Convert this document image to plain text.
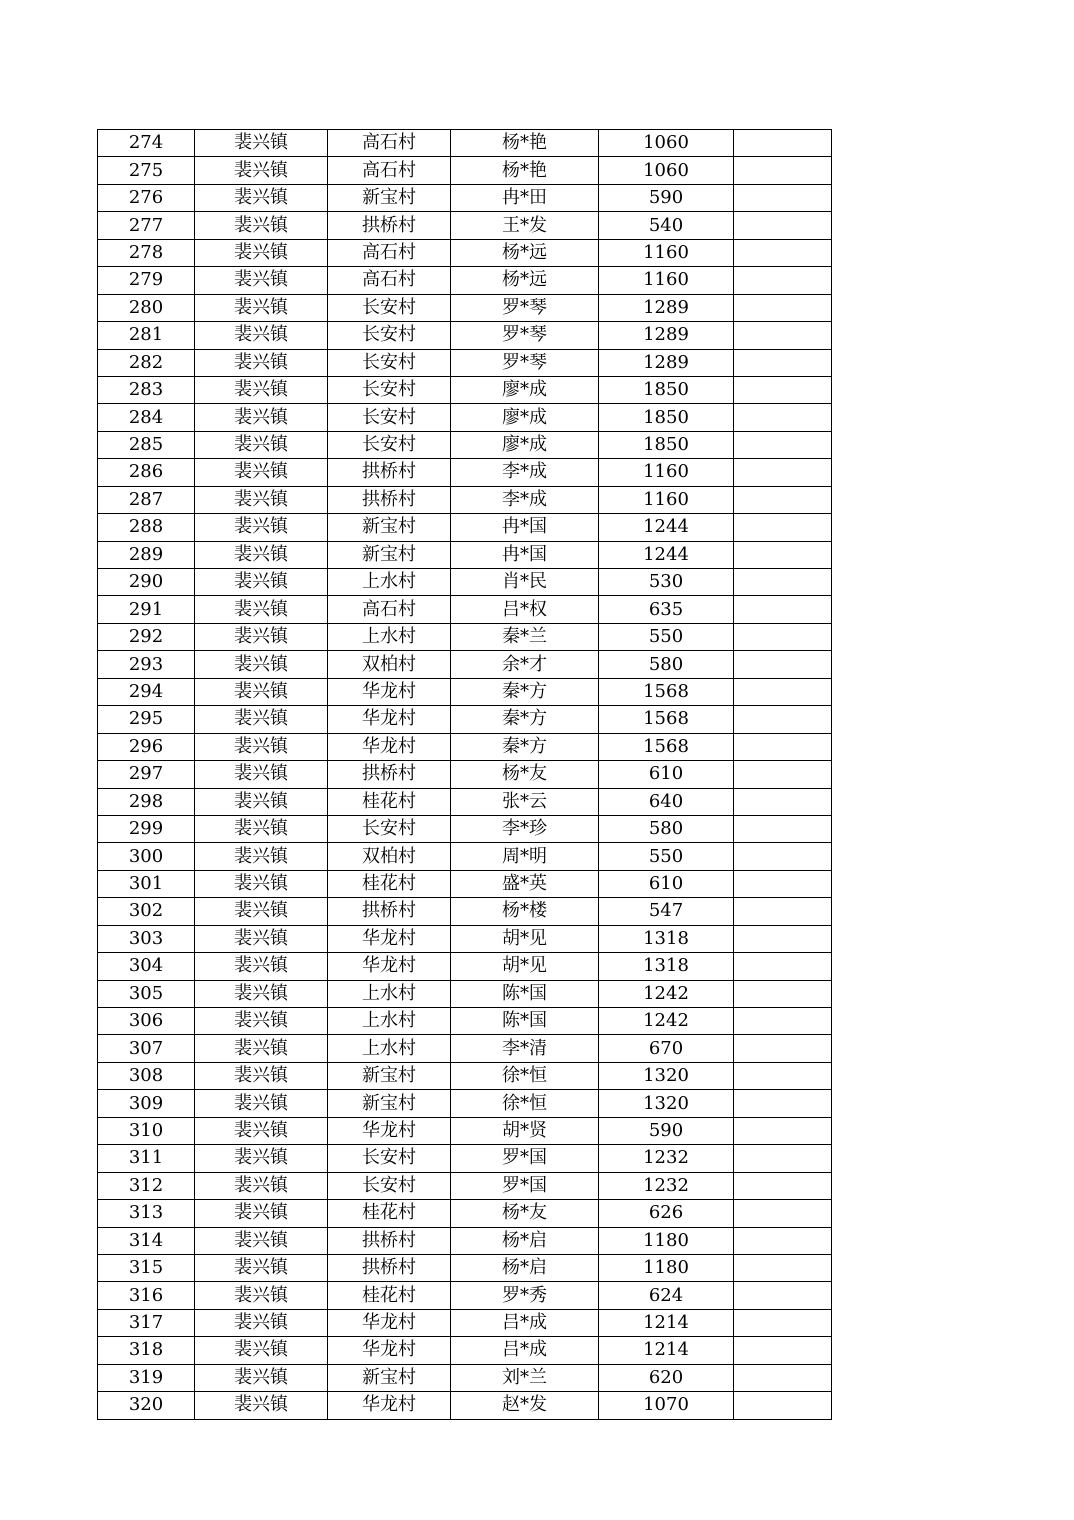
274	裴兴镇	高石村	杨*艳	1060	
275	裴兴镇	高石村	杨*艳	1060	
276	裴兴镇	新宝村	冉*田	590	
277	裴兴镇	拱桥村	王*发	540	
278	裴兴镇	高石村	杨*远	1160	
279	裴兴镇	高石村	杨*远	1160	
280	裴兴镇	长安村	罗*琴	1289	
281	裴兴镇	长安村	罗*琴	1289	
282	裴兴镇	长安村	罗*琴	1289	
283	裴兴镇	长安村	廖*成	1850	
284	裴兴镇	长安村	廖*成	1850	
285	裴兴镇	长安村	廖*成	1850	
286	裴兴镇	拱桥村	李*成	1160	
287	裴兴镇	拱桥村	李*成	1160	
288	裴兴镇	新宝村	冉*国	1244	
289	裴兴镇	新宝村	冉*国	1244	
290	裴兴镇	上水村	肖*民	530	
291	裴兴镇	高石村	吕*权	635	
292	裴兴镇	上水村	秦*兰	550	
293	裴兴镇	双柏村	余*才	580	
294	裴兴镇	华龙村	秦*方	1568	
295	裴兴镇	华龙村	秦*方	1568	
296	裴兴镇	华龙村	秦*方	1568	
297	裴兴镇	拱桥村	杨*友	610	
298	裴兴镇	桂花村	张*云	640	
299	裴兴镇	长安村	李*珍	580	
300	裴兴镇	双柏村	周*明	550	
301	裴兴镇	桂花村	盛*英	610	
302	裴兴镇	拱桥村	杨*楼	547	
303	裴兴镇	华龙村	胡*见	1318	
304	裴兴镇	华龙村	胡*见	1318	
305	裴兴镇	上水村	陈*国	1242	
306	裴兴镇	上水村	陈*国	1242	
307	裴兴镇	上水村	李*清	670	
308	裴兴镇	新宝村	徐*恒	1320	
309	裴兴镇	新宝村	徐*恒	1320	
310	裴兴镇	华龙村	胡*贤	590	
311	裴兴镇	长安村	罗*国	1232	
312	裴兴镇	长安村	罗*国	1232	
313	裴兴镇	桂花村	杨*友	626	
314	裴兴镇	拱桥村	杨*启	1180	
315	裴兴镇	拱桥村	杨*启	1180	
316	裴兴镇	桂花村	罗*秀	624	
317	裴兴镇	华龙村	吕*成	1214	
318	裴兴镇	华龙村	吕*成	1214	
319	裴兴镇	新宝村	刘*兰	620	
320	裴兴镇	华龙村	赵*发	1070	
